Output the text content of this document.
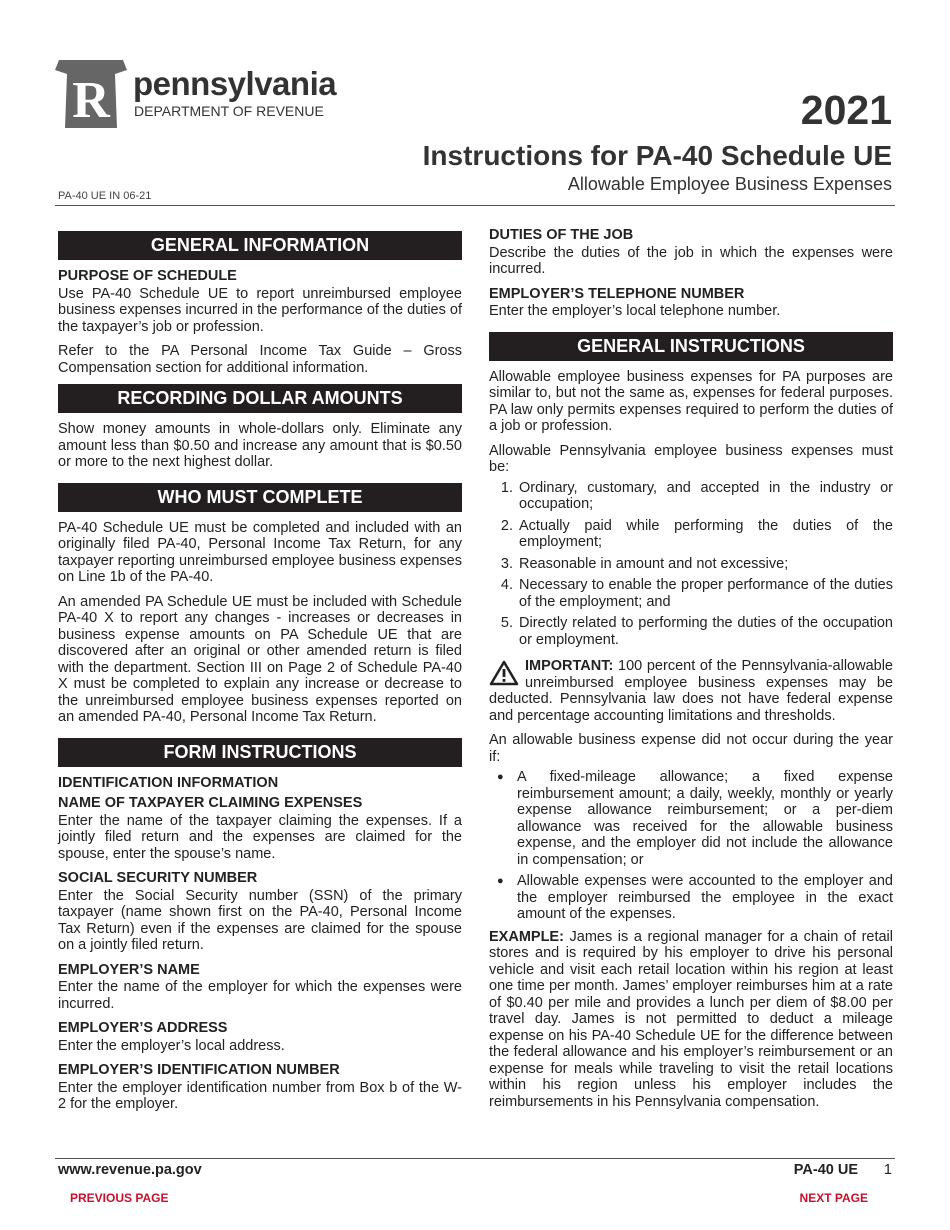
R pennsylvania
DEPARTMENT OF REVENUE	2021
Instructions for PA-40 Schedule UE
Allowable Employee Business Expenses
PA-40 UE IN 06-21
GENERAL INFORMATION
PURPOSE OF SCHEDULE

Use PA-40 Schedule UE to report unreimbursed employee business expenses incurred in the performance of the duties of the taxpayer’s job or profession.

Refer to the PA Personal Income Tax Guide – Gross Compensation section for additional information.

RECORDING DOLLAR AMOUNTS

Show money amounts in whole-dollars only. Eliminate any amount less than $0.50 and increase any amount that is $0.50 or more to the next highest dollar.

WHO MUST COMPLETE

PA-40 Schedule UE must be completed and included with an originally filed PA-40, Personal Income Tax Return, for any taxpayer reporting unreimbursed employee business expenses on Line 1b of the PA-40.

An amended PA Schedule UE must be included with Schedule PA-40 X to report any changes - increases or decreases in business expense amounts on PA Schedule UE that are discovered after an original or other amended return is filed with the department. Section III on Page 2 of Schedule PA-40 X must be completed to explain any increase or decrease to the unreimbursed employee business expenses reported on an amended PA-40, Personal Income Tax Return.

FORM INSTRUCTIONS
IDENTIFICATION INFORMATION
NAME OF TAXPAYER CLAIMING EXPENSES

Enter the name of the taxpayer claiming the expenses. If a jointly filed return and the expenses are claimed for the spouse, enter the spouse’s name.

SOCIAL SECURITY NUMBER

Enter the Social Security number (SSN) of the primary taxpayer (name shown first on the PA-40, Personal Income Tax Return) even if the expenses are claimed for the spouse on a jointly filed return.

EMPLOYER’S NAME

Enter the name of the employer for which the expenses were incurred.

EMPLOYER’S ADDRESS

Enter the employer’s local address.

EMPLOYER’S IDENTIFICATION NUMBER

Enter the employer identification number from Box b of the W-2 for the employer.

DUTIES OF THE JOB

Describe the duties of the job in which the expenses were incurred.

EMPLOYER’S TELEPHONE NUMBER

Enter the employer’s local telephone number.

GENERAL INSTRUCTIONS

Allowable employee business expenses for PA purposes are similar to, but not the same as, expenses for federal purposes. PA law only permits expenses required to perform the duties of a job or profession.

Allowable Pennsylvania employee business expenses must be:

1. Ordinary, customary, and accepted in the industry or occupation;
2. Actually paid while performing the duties of the employment;
3. Reasonable in amount and not excessive;
4. Necessary to enable the proper performance of the duties of the employment; and
5. Directly related to performing the duties of the occupation or employment.

IMPORTANT: 100 percent of the Pennsylvania-allowable unreimbursed employee business expenses may be deducted. Pennsylvania law does not have federal expense and percentage accounting limitations and thresholds.

An allowable business expense did not occur during the year if:

● A fixed-mileage allowance; a fixed expense reimbursement amount; a daily, weekly, monthly or yearly expense allowance reimbursement; or a per-diem allowance was received for the allowable business expense, and the employer did not include the allowance in compensation; or
● Allowable expenses were accounted to the employer and the employer reimbursed the employee in the exact amount of the expenses.

EXAMPLE: James is a regional manager for a chain of retail stores and is required by his employer to drive his personal vehicle and visit each retail location within his region at least one time per month. James’ employer reimburses him at a rate of $0.40 per mile and provides a lunch per diem of $8.00 per travel day. James is not permitted to deduct a mileage expense on his PA-40 Schedule UE for the difference between the federal allowance and his employer’s reimbursement or an expense for meals while traveling to visit the retail locations within his region unless his employer includes the reimbursements in his Pennsylvania compensation.

www.revenue.pa.gov	PA-40 UE 1
PREVIOUS PAGE	NEXT PAGE
